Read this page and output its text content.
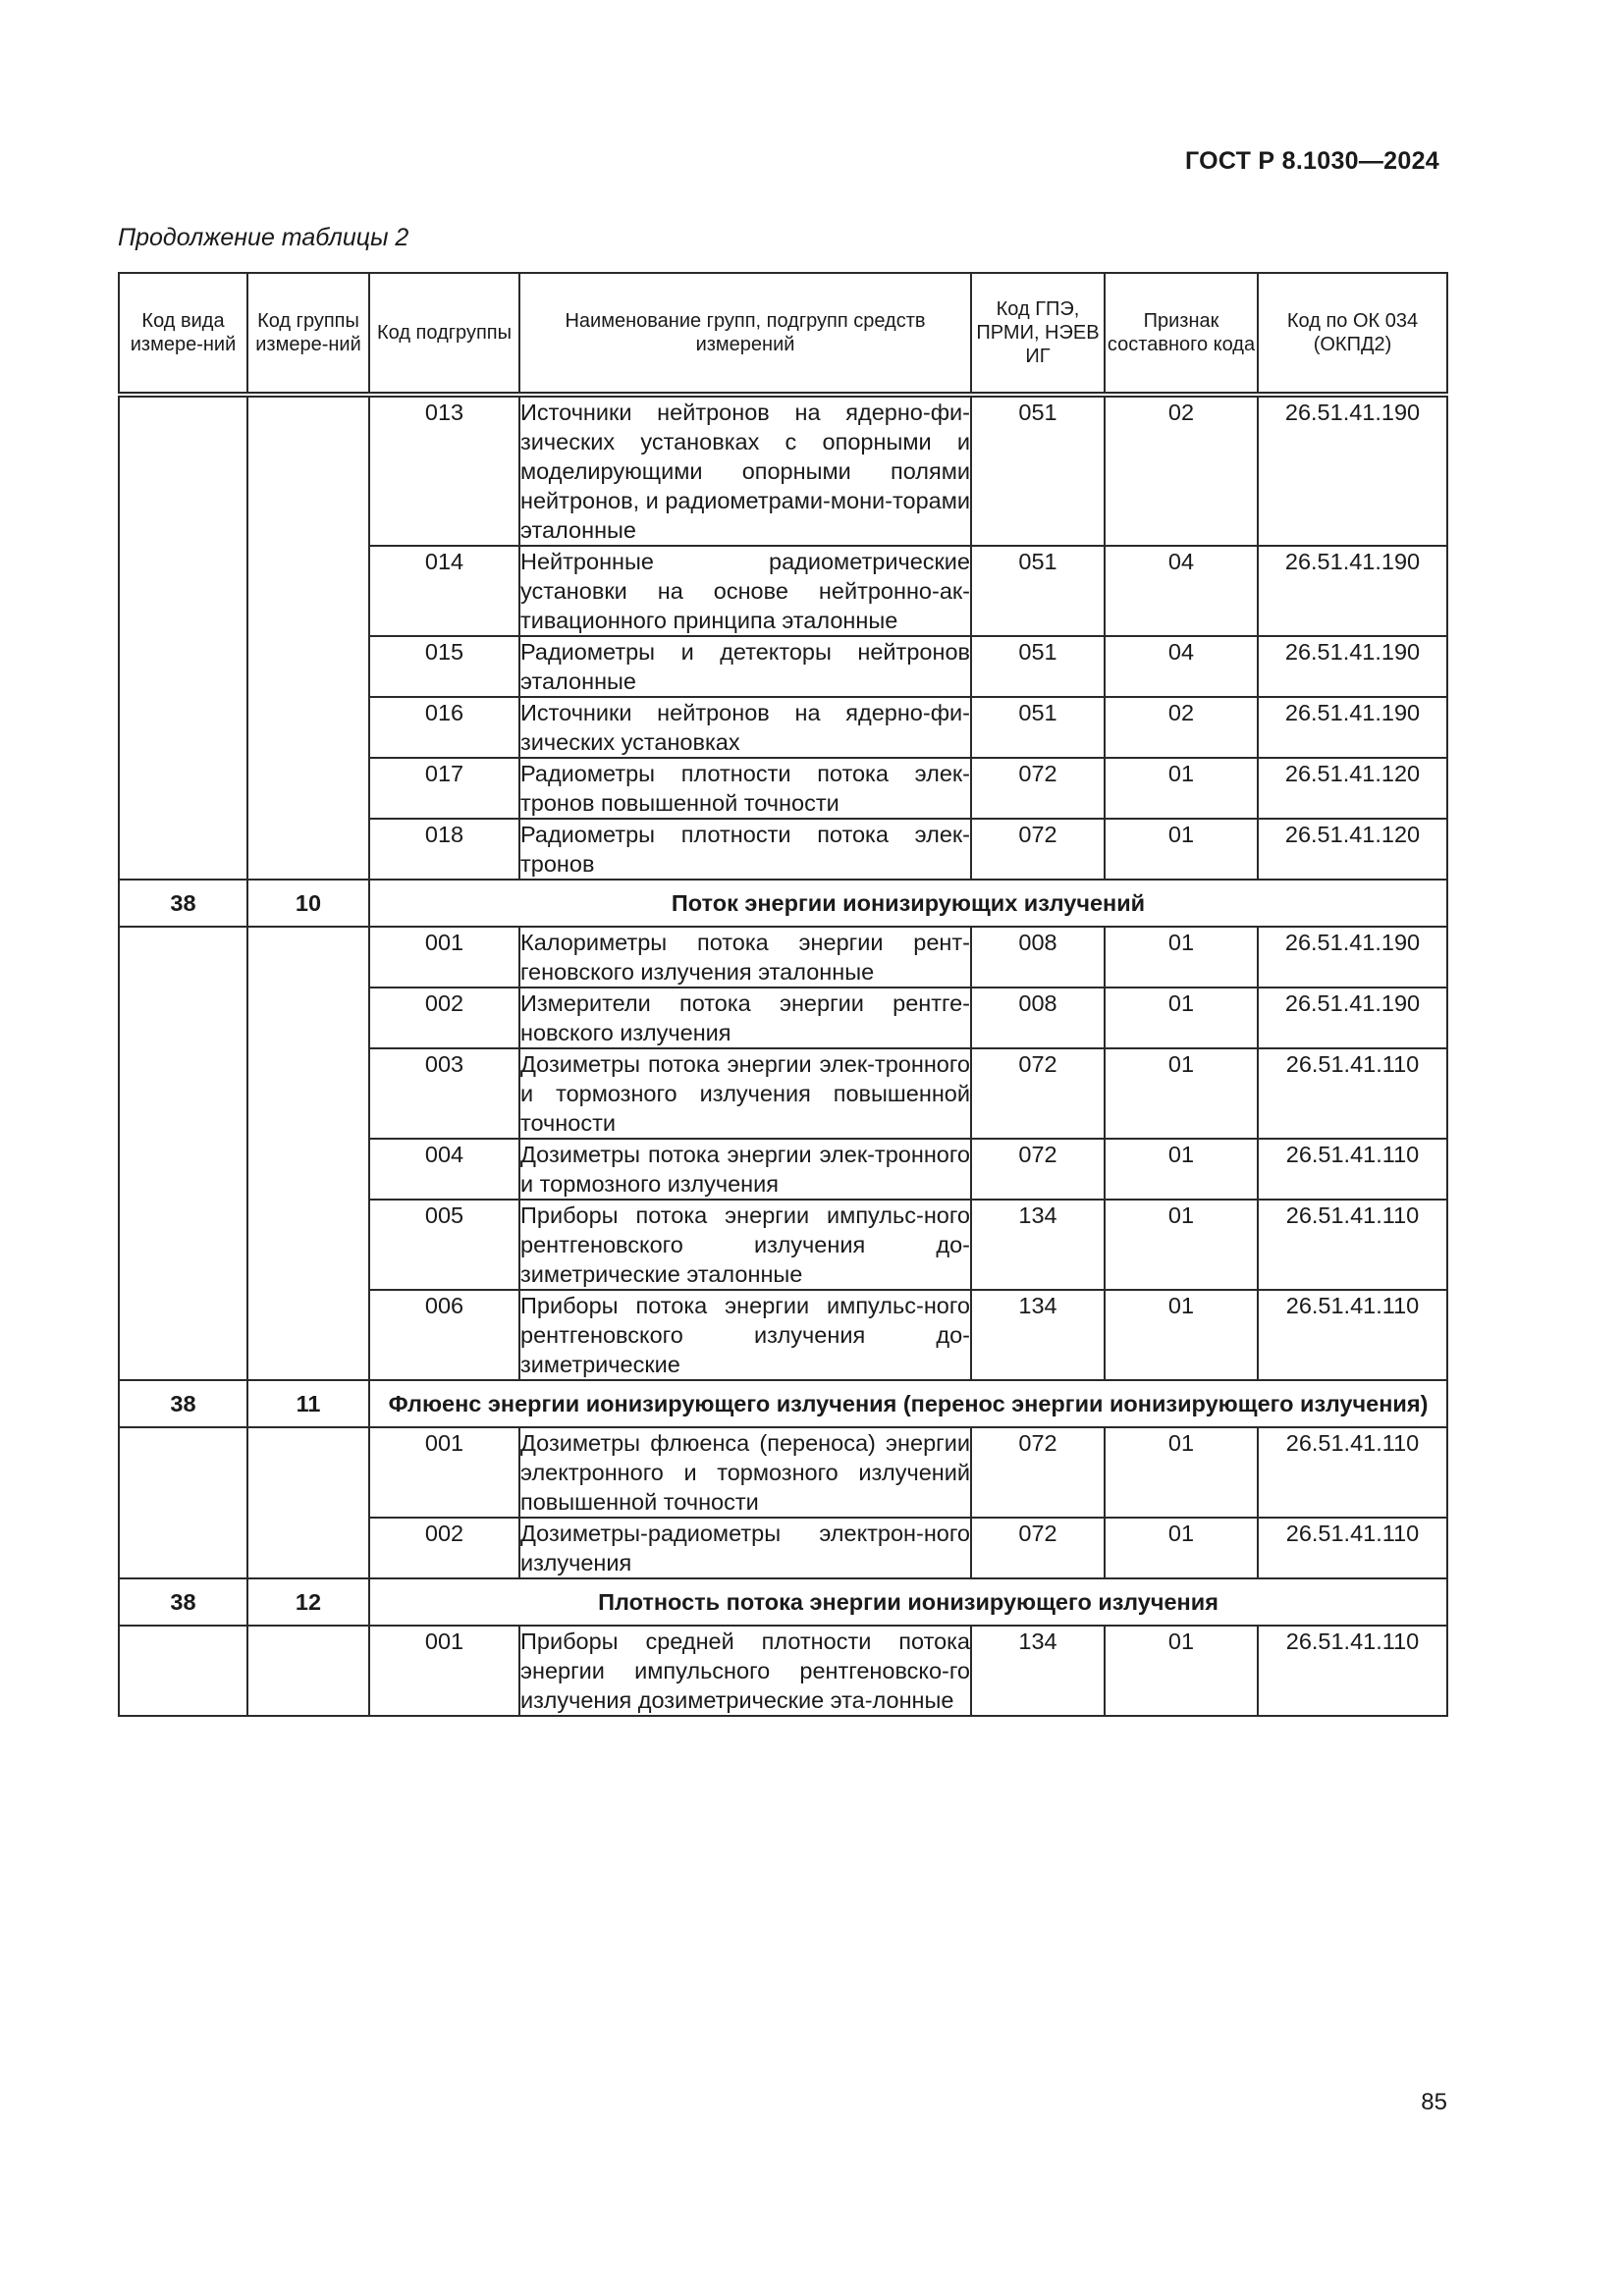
ГОСТ Р 8.1030—2024
Продолжение таблицы 2
Код вида измере-ний	Код группы измере-ний	Код подгруппы	Наименование групп, подгрупп средств измерений	Код ГПЭ, ПРМИ, НЭЕВ ИГ	Признак составного кода	Код по ОК 034 (ОКПД2)
		013	Источники нейтронов на ядерно-фи-зических установках с опорными и моделирующими опорными полями нейтронов, и радиометрами-мони-торами эталонные	051	02	26.51.41.190
		014	Нейтронные радиометрические установки на основе нейтронно-ак-тивационного принципа эталонные	051	04	26.51.41.190
		015	Радиометры и детекторы нейтронов эталонные	051	04	26.51.41.190
		016	Источники нейтронов на ядерно-фи-зических установках	051	02	26.51.41.190
		017	Радиометры плотности потока элек-тронов повышенной точности	072	01	26.51.41.120
		018	Радиометры плотности потока элек-тронов	072	01	26.51.41.120
38	10	Поток энергии ионизирующих излучений				
		001	Калориметры потока энергии рент-геновского излучения эталонные	008	01	26.51.41.190
		002	Измерители потока энергии рентге-новского излучения	008	01	26.51.41.190
		003	Дозиметры потока энергии элек-тронного и тормозного излучения повышенной точности	072	01	26.51.41.110
		004	Дозиметры потока энергии элек-тронного и тормозного излучения	072	01	26.51.41.110
		005	Приборы потока энергии импульс-ного рентгеновского излучения до-зиметрические эталонные	134	01	26.51.41.110
		006	Приборы потока энергии импульс-ного рентгеновского излучения до-зиметрические	134	01	26.51.41.110
38	11	Флюенс энергии ионизирующего излучения (перенос энергии ионизирующего излучения)				
		001	Дозиметры флюенса (переноса) энергии электронного и тормозного излучений повышенной точности	072	01	26.51.41.110
		002	Дозиметры-радиометры электрон-ного излучения	072	01	26.51.41.110
38	12	Плотность потока энергии ионизирующего излучения				
		001	Приборы средней плотности потока энергии импульсного рентгеновско-го излучения дозиметрические эта-лонные	134	01	26.51.41.110
85
